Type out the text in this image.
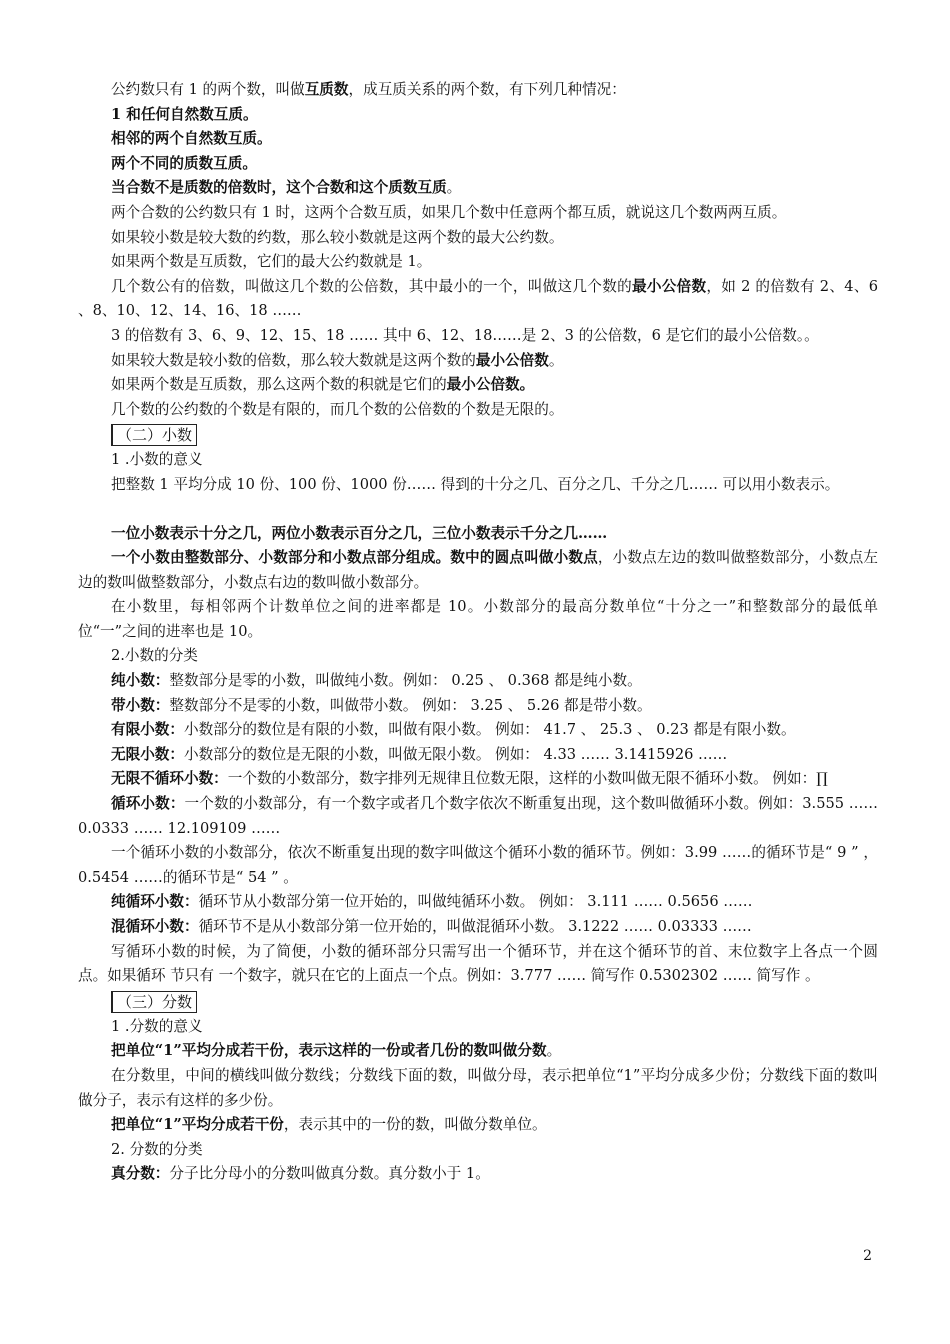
公约数只有 1 的两个数，叫做互质数，成互质关系的两个数，有下列几种情况：

1 和任何自然数互质。

相邻的两个自然数互质。

两个不同的质数互质。

当合数不是质数的倍数时，这个合数和这个质数互质。

两个合数的公约数只有 1 时，这两个合数互质，如果几个数中任意两个都互质，就说这几个数两两互质。

如果较小数是较大数的约数，那么较小数就是这两个数的最大公约数。

如果两个数是互质数，它们的最大公约数就是 1。

几个数公有的倍数，叫做这几个数的公倍数，其中最小的一个，叫做这几个数的最小公倍数，如 2 的倍数有 2、4、6 、8、10、12、14、16、18 ……

3 的倍数有 3、6、9、12、15、18 …… 其中 6、12、18……是 2、3 的公倍数，6 是它们的最小公倍数。。

如果较大数是较小数的倍数，那么较大数就是这两个数的最小公倍数。

如果两个数是互质数，那么这两个数的积就是它们的最小公倍数。

几个数的公约数的个数是有限的，而几个数的公倍数的个数是无限的。

（二）小数

1 .小数的意义

把整数 1 平均分成 10 份、100 份、1000 份…… 得到的十分之几、百分之几、千分之几…… 可以用小数表示。

一位小数表示十分之几，两位小数表示百分之几，三位小数表示千分之几……

一个小数由整数部分、小数部分和小数点部分组成。数中的圆点叫做小数点，小数点左边的数叫做整数部分，小数点左边的数叫做整数部分，小数点右边的数叫做小数部分。

在小数里，每相邻两个计数单位之间的进率都是 10。小数部分的最高分数单位“十分之一”和整数部分的最低单位“一”之间的进率也是 10。

2.小数的分类

纯小数：整数部分是零的小数，叫做纯小数。例如： 0.25 、 0.368 都是纯小数。

带小数：整数部分不是零的小数，叫做带小数。 例如： 3.25 、 5.26 都是带小数。

有限小数：小数部分的数位是有限的小数，叫做有限小数。 例如： 41.7 、 25.3 、 0.23 都是有限小数。

无限小数：小数部分的数位是无限的小数，叫做无限小数。 例如： 4.33 …… 3.1415926 ……

无限不循环小数：一个数的小数部分，数字排列无规律且位数无限，这样的小数叫做无限不循环小数。 例如：∏

循环小数：一个数的小数部分，有一个数字或者几个数字依次不断重复出现，这个数叫做循环小数。例如：3.555 …… 0.0333 …… 12.109109 ……

一个循环小数的小数部分，依次不断重复出现的数字叫做这个循环小数的循环节。例如：3.99 ……的循环节是“ 9 ” ， 0.5454 ……的循环节是“ 54 ” 。

纯循环小数：循环节从小数部分第一位开始的，叫做纯循环小数。 例如： 3.111 …… 0.5656 ……

混循环小数：循环节不是从小数部分第一位开始的，叫做混循环小数。 3.1222 …… 0.03333 ……

写循环小数的时候，为了简便，小数的循环部分只需写出一个循环节，并在这个循环节的首、末位数字上各点一个圆点。如果循环 节只有 一个数字，就只在它的上面点一个点。例如：3.777 …… 简写作 0.5302302 …… 简写作 。

（三）分数

1 .分数的意义

把单位“1”平均分成若干份，表示这样的一份或者几份的数叫做分数。

在分数里，中间的横线叫做分数线；分数线下面的数，叫做分母，表示把单位“1”平均分成多少份；分数线下面的数叫做分子，表示有这样的多少份。

把单位“1”平均分成若干份，表示其中的一份的数，叫做分数单位。

2. 分数的分类

真分数：分子比分母小的分数叫做真分数。真分数小于 1。

2
